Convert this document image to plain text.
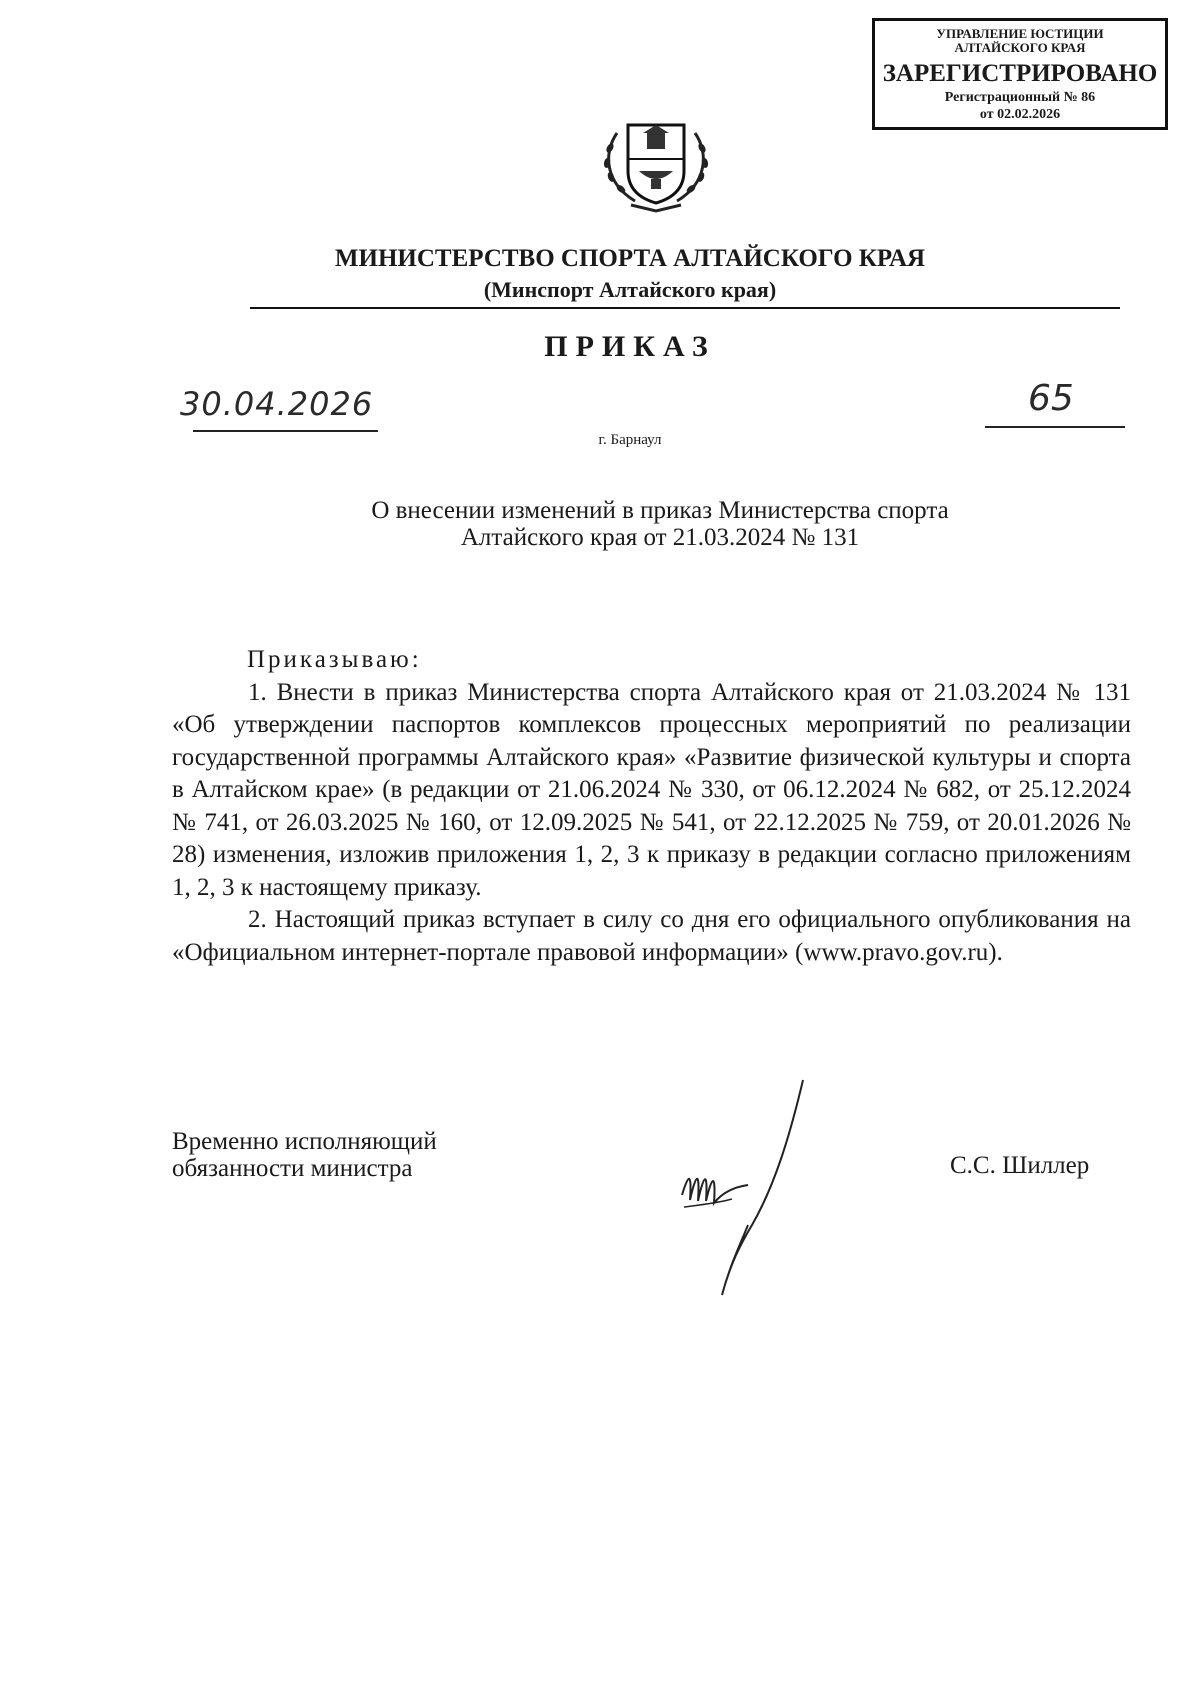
УПРАВЛЕНИЕ ЮСТИЦИИ
АЛТАЙСКОГО КРАЯ
ЗАРЕГИСТРИРОВАНО
Регистрационный № 86
от 02.02.2026
МИНИСТЕРСТВО СПОРТА АЛТАЙСКОГО КРАЯ
(Минспорт Алтайского края)
ПРИКАЗ
30.04.2026	65
г. Барнаул
О внесении изменений в приказ Министерства спорта
Алтайского края от 21.03.2024 № 131

Приказываю:

1. Внести в приказ Министерства спорта Алтайского края от 21.03.2024 № 131 «Об утверждении паспортов комплексов процессных мероприятий по реализации государственной программы Алтайского края» «Развитие физической культуры и спорта в Алтайском крае» (в редакции от 21.06.2024 № 330, от 06.12.2024 № 682, от 25.12.2024 № 741, от 26.03.2025 № 160, от 12.09.2025 № 541, от 22.12.2025 № 759, от 20.01.2026 № 28) изменения, изложив приложения 1, 2, 3 к приказу в редакции согласно приложениям 1, 2, 3 к настоящему приказу.

2. Настоящий приказ вступает в силу со дня его официального опубликования на «Официальном интернет-портале правовой информации» (www.pravo.gov.ru).

Временно исполняющий
обязанности министра	С.С. Шиллер
